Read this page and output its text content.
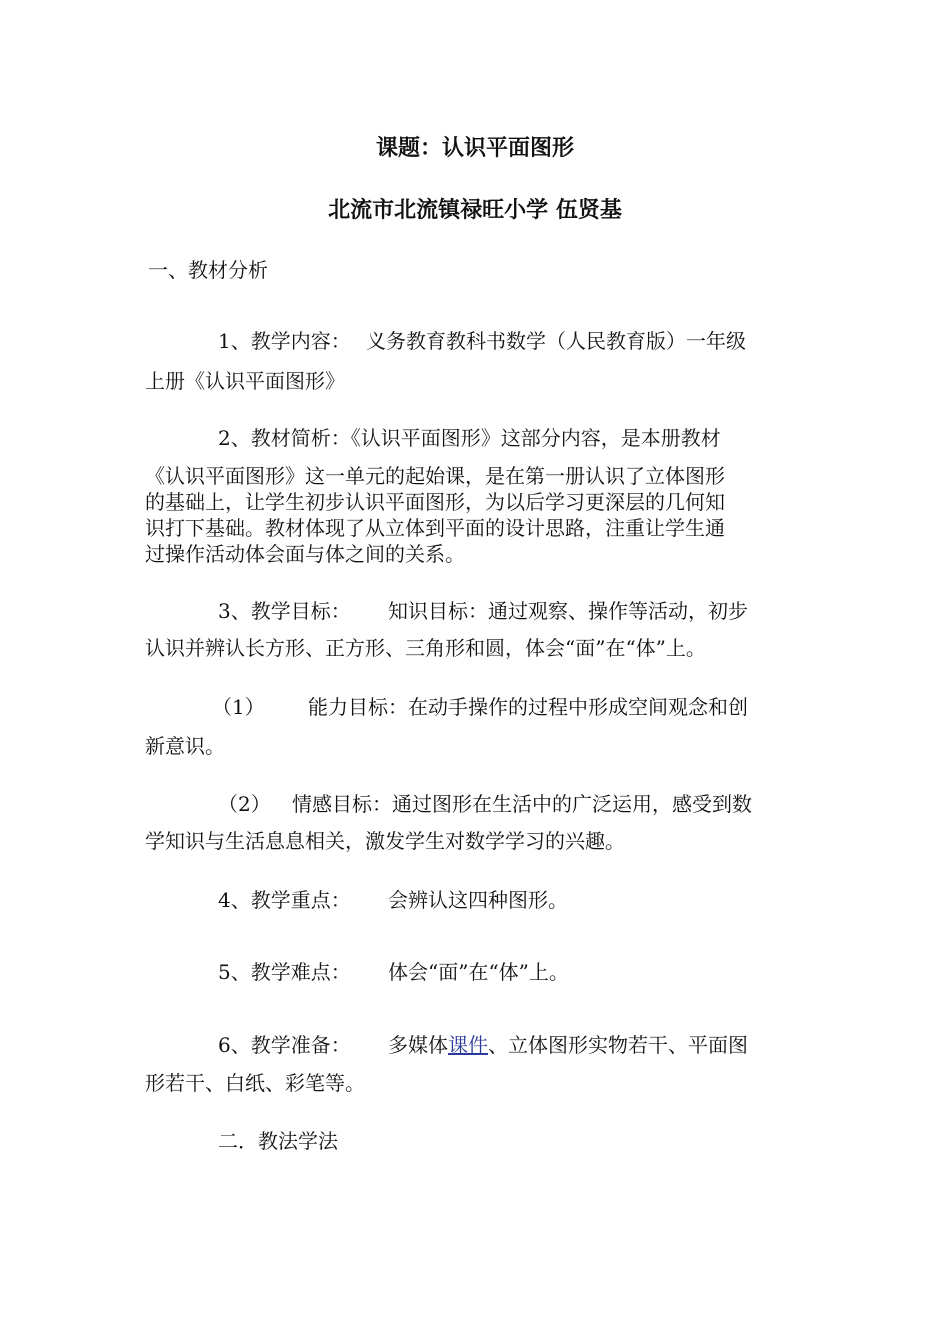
课题：认识平面图形
北流市北流镇禄旺小学 伍贤基
一、教材分析
1、教学内容： 义务教育教科书数学（人民教育版）一年级
上册《认识平面图形》
2、教材简析：《认识平面图形》这部分内容，是本册教材
《认识平面图形》这一单元的起始课，是在第一册认识了立体图形
的基础上，让学生初步认识平面图形，为以后学习更深层的几何知
识打下基础。教材体现了从立体到平面的设计思路，注重让学生通
过操作活动体会面与体之间的关系。
3、教学目标： 知识目标：通过观察、操作等活动，初步
认识并辨认长方形、正方形、三角形和圆，体会“面”在“体”上。
（1） 能力目标：在动手操作的过程中形成空间观念和创
新意识。
（2） 情感目标：通过图形在生活中的广泛运用，感受到数
学知识与生活息息相关，激发学生对数学学习的兴趣。
4、教学重点： 会辨认这四种图形。
5、教学难点： 体会“面”在“体”上。
6、教学准备： 多媒体课件、立体图形实物若干、平面图
形若干、白纸、彩笔等。
二．教法学法
